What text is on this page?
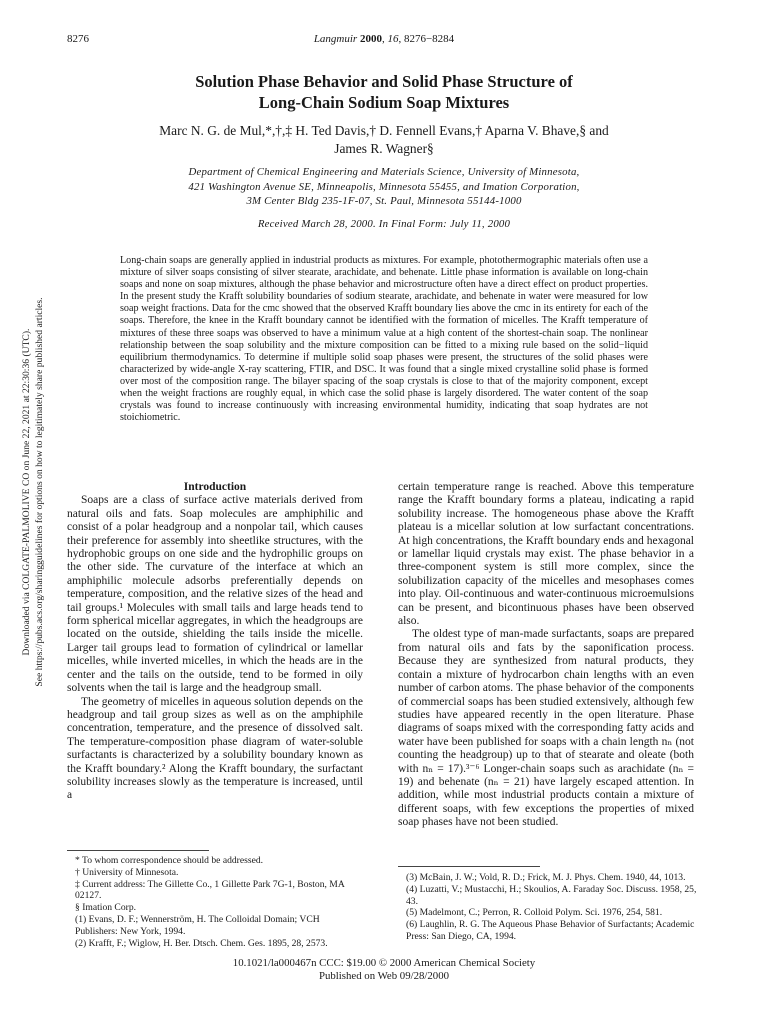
8276	Langmuir 2000, 16, 8276−8284
Solution Phase Behavior and Solid Phase Structure of
Long-Chain Sodium Soap Mixtures
Marc N. G. de Mul,*,†,‡ H. Ted Davis,† D. Fennell Evans,† Aparna V. Bhave,§ and
James R. Wagner§
Department of Chemical Engineering and Materials Science, University of Minnesota,
421 Washington Avenue SE, Minneapolis, Minnesota 55455, and Imation Corporation,
3M Center Bldg 235-1F-07, St. Paul, Minnesota 55144-1000
Received March 28, 2000. In Final Form: July 11, 2000

Long-chain soaps are generally applied in industrial products as mixtures. For example, photothermographic materials often use a mixture of silver soaps consisting of silver stearate, arachidate, and behenate. Little phase information is available on long-chain soaps and none on soap mixtures, although the phase behavior and microstructure often have a direct effect on product properties. In the present study the Krafft solubility boundaries of sodium stearate, arachidate, and behenate in water were measured for low soap weight fractions. Data for the cmc showed that the observed Krafft boundary lies above the cmc in its entirety for each of the soaps. Therefore, the knee in the Krafft boundary cannot be identified with the formation of micelles. The Krafft temperature of mixtures of these three soaps was observed to have a minimum value at a high content of the shortest-chain soap. The nonlinear relationship between the soap solubility and the mixture composition can be fitted to a mixing rule based on the solid−liquid equilibrium thermodynamics. To determine if multiple solid soap phases were present, the structures of the solid phases were characterized by wide-angle X-ray scattering, FTIR, and DSC. It was found that a single mixed crystalline solid phase is formed over most of the composition range. The bilayer spacing of the soap crystals is close to that of the majority component, except when the weight fractions are roughly equal, in which case the solid phase is largely disordered. The water content of the soap crystals was found to increase continuously with increasing environmental humidity, indicating that soap hydrates are not stoichiometric.

Downloaded via COLGATE-PALMOLIVE CO on June 22, 2021 at 22:30:36 (UTC). See https://pubs.acs.org/sharingguidelines for options on how to legitimately share published articles.	Introduction

Soaps are a class of surface active materials derived from natural oils and fats. Soap molecules are amphiphilic and consist of a polar headgroup and a nonpolar tail, which causes their preference for assembly into sheetlike structures, with the hydrophobic groups on one side and the hydrophilic groups on the other side. The curvature of the interface at which an amphiphilic molecule adsorbs preferentially depends on temperature, composition, and the relative sizes of the head and tail groups.¹ Molecules with small tails and large heads tend to form spherical micellar aggregates, in which the headgroups are located on the outside, shielding the tails inside the micelle. Larger tail groups lead to formation of cylindrical or lamellar micelles, while inverted micelles, in which the heads are in the center and the tails on the outside, tend to be formed in oily solvents when the tail is large and the headgroup small.

The geometry of micelles in aqueous solution depends on the headgroup and tail group sizes as well as on the amphiphile concentration, temperature, and the presence of dissolved salt. The temperature-composition phase diagram of water-soluble surfactants is characterized by a solubility boundary known as the Krafft boundary.² Along the Krafft boundary, the surfactant solubility increases slowly as the temperature is increased, until a

certain temperature range is reached. Above this temperature range the Krafft boundary forms a plateau, indicating a rapid solubility increase. The homogeneous phase above the Krafft plateau is a micellar solution at low surfactant concentrations. At high concentrations, the Krafft boundary ends and hexagonal or lamellar liquid crystals may exist. The phase behavior in a three-component system is still more complex, since the solubilization capacity of the micelles and mesophases comes into play. Oil-continuous and water-continuous microemulsions can be present, and bicontinuous phases have been observed also.

The oldest type of man-made surfactants, soaps are prepared from natural oils and fats by the saponification process. Because they are synthesized from natural products, they contain a mixture of hydrocarbon chain lengths with an even number of carbon atoms. The phase behavior of the components of commercial soaps has been studied extensively, although few studies have appeared recently in the open literature. Phase diagrams of soaps mixed with the corresponding fatty acids and water have been published for soaps with a chain length nₙ (not counting the headgroup) up to that of stearate and oleate (both with nₙ = 17).³⁻⁶ Longer-chain soaps such as arachidate (nₙ = 19) and behenate (nₙ = 21) have largely escaped attention. In addition, while most industrial products contain a mixture of different soaps, with few exceptions the properties of mixed soap phases have not been studied.

* To whom correspondence should be addressed.
† University of Minnesota.
‡ Current address: The Gillette Co., 1 Gillette Park 7G-1, Boston, MA 02127.
§ Imation Corp.
(1) Evans, D. F.; Wennerström, H. The Colloidal Domain; VCH Publishers: New York, 1994.
(2) Krafft, F.; Wiglow, H. Ber. Dtsch. Chem. Ges. 1895, 28, 2573.
(3) McBain, J. W.; Vold, R. D.; Frick, M. J. Phys. Chem. 1940, 44, 1013.
(4) Luzatti, V.; Mustacchi, H.; Skoulios, A. Faraday Soc. Discuss. 1958, 25, 43.
(5) Madelmont, C.; Perron, R. Colloid Polym. Sci. 1976, 254, 581.
(6) Laughlin, R. G. The Aqueous Phase Behavior of Surfactants; Academic Press: San Diego, CA, 1994.
10.1021/la000467n CCC: $19.00 © 2000 American Chemical Society
Published on Web 09/28/2000
